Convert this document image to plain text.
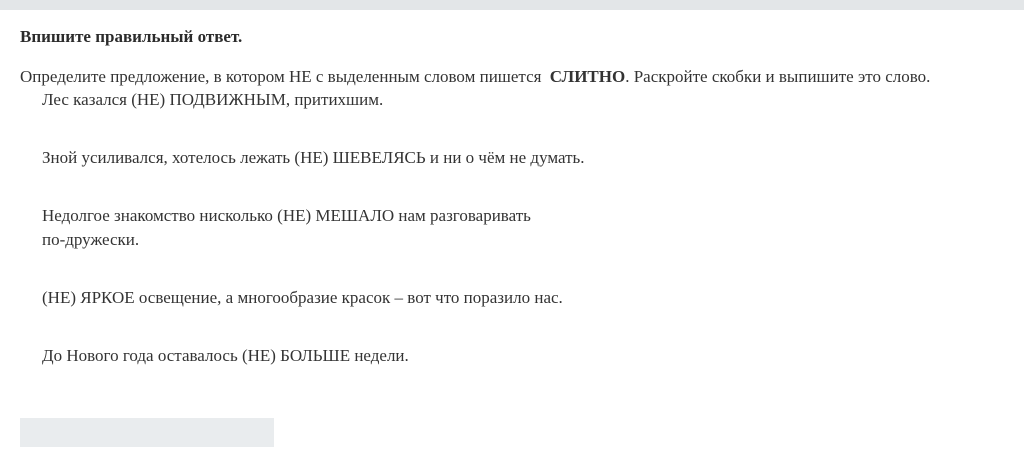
Впишите правильный ответ.

Определите предложение, в котором НЕ с выделенным словом пишется СЛИТНО. Раскройте скобки и выпишите это слово.

Лес казался (НЕ) ПОДВИЖНЫМ, притихшим.
Зной усиливался, хотелось лежать (НЕ) ШЕВЕЛЯСЬ и ни о чём не думать.
Недолгое знакомство нисколько (НЕ) МЕШАЛО нам разговаривать
по-дружески.
(НЕ) ЯРКОЕ освещение, а многообразие красок – вот что поразило нас.
До Нового года оставалось (НЕ) БОЛЬШЕ недели.
